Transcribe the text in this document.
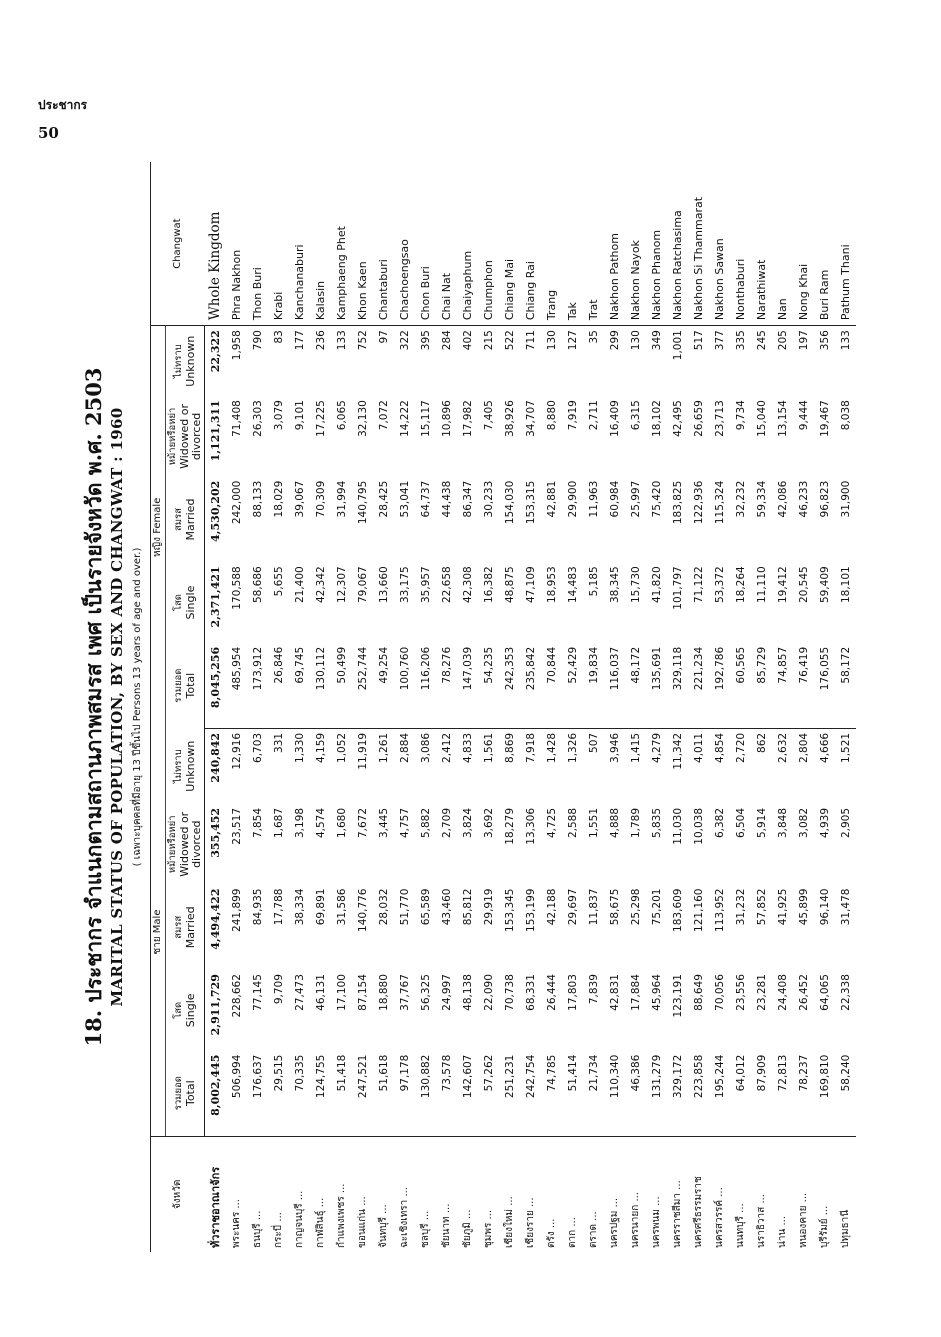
ประชากร
50
18. ประชากร จำแนกตามสถานภาพสมรส เพศ เป็นรายจังหวัด พ.ศ. 2503 MARITAL STATUS OF POPULATION, BY SEX AND CHANGWAT : 1960 ( เฉพาะบุคคลที่มีอายุ 13 ปีขึ้นไป Persons 13 years of age and over.)
จังหวัด	ชาย Male					หญิง Female					Changwat

	รวมยอด Total	โสด Single	สมรส Married	หม้ายหรือหย่า Widowed or divorced	ไม่ทราบ Unknown	รวมยอด Total	โสด Single	สมรส Married	หม้ายหรือหย่า Widowed or divorced	ไม่ทราบ Unknown	

ทั่วราชอาณาจักร	8,002,445	2,911,729	4,494,422	355,452	240,842	8,045,256	2,371,421	4,530,202	1,121,311	22,322	Whole Kingdom
พระนคร ...	506,994	228,662	241,899	23,517	12,916	485,954	170,588	242,000	71,408	1,958	Phra Nakhon
ธนบุรี ...	176,637	77,145	84,935	7,854	6,703	173,912	58,686	88,133	26,303	790	Thon Buri
กระบี่ ...	29,515	9,709	17,788	1,687	331	26,846	5,655	18,029	3,079	83	Krabi
กาญจนบุรี ...	70,335	27,473	38,334	3,198	1,330	69,745	21,400	39,067	9,101	177	Kanchanaburi
กาฬสินธุ์ ...	124,755	46,131	69,891	4,574	4,159	130,112	42,342	70,309	17,225	236	Kalasin
กำแพงเพชร ...	51,418	17,100	31,586	1,680	1,052	50,499	12,307	31,994	6,065	133	Kamphaeng Phet
ขอนแก่น ...	247,521	87,154	140,776	7,672	11,919	252,744	79,067	140,795	32,130	752	Khon Kaen
จันทบุรี ...	51,618	18,880	28,032	3,445	1,261	49,254	13,660	28,425	7,072	97	Chantaburi
ฉะเชิงเทรา ...	97,178	37,767	51,770	4,757	2,884	100,760	33,175	53,041	14,222	322	Chachoengsao
ชลบุรี ...	130,882	56,325	65,589	5,882	3,086	116,206	35,957	64,737	15,117	395	Chon Buri
ชัยนาท ...	73,578	24,997	43,460	2,709	2,412	78,276	22,658	44,438	10,896	284	Chai Nat
ชัยภูมิ ...	142,607	48,138	85,812	3,824	4,833	147,039	42,308	86,347	17,982	402	Chaiyaphum
ชุมพร ...	57,262	22,090	29,919	3,692	1,561	54,235	16,382	30,233	7,405	215	Chumphon
เชียงใหม่ ...	251,231	70,738	153,345	18,279	8,869	242,353	48,875	154,030	38,926	522	Chiang Mai
เชียงราย ...	242,754	68,331	153,199	13,306	7,918	235,842	47,109	153,315	34,707	711	Chiang Rai
ตรัง ...	74,785	26,444	42,188	4,725	1,428	70,844	18,953	42,881	8,880	130	Trang
ตาก ...	51,414	17,803	29,697	2,588	1,326	52,429	14,483	29,900	7,919	127	Tak
ตราด ...	21,734	7,839	11,837	1,551	507	19,834	5,185	11,963	2,711	35	Trat
นครปฐม ...	110,340	42,831	58,675	4,888	3,946	116,037	38,345	60,984	16,409	299	Nakhon Pathom
นครนายก ...	46,386	17,884	25,298	1,789	1,415	48,172	15,730	25,997	6,315	130	Nakhon Nayok
นครพนม ...	131,279	45,964	75,201	5,835	4,279	135,691	41,820	75,420	18,102	349	Nakhon Phanom
นครราชสีมา ...	329,172	123,191	183,609	11,030	11,342	329,118	101,797	183,825	42,495	1,001	Nakhon Ratchasima
นครศรีธรรมราช	223,858	88,649	121,160	10,038	4,011	221,234	71,122	122,936	26,659	517	Nakhon Si Thammarat
นครสวรรค์ ...	195,244	70,056	113,952	6,382	4,854	192,786	53,372	115,324	23,713	377	Nakhon Sawan
นนทบุรี ...	64,012	23,556	31,232	6,504	2,720	60,565	18,264	32,232	9,734	335	Nonthaburi
นราธิวาส ...	87,909	23,281	57,852	5,914	862	85,729	11,110	59,334	15,040	245	Narathiwat
น่าน ...	72,813	24,408	41,925	3,848	2,632	74,857	19,412	42,086	13,154	205	Nan
หนองคาย ...	78,237	26,452	45,899	3,082	2,804	76,419	20,545	46,233	9,444	197	Nong Khai
บุรีรัมย์ ...	169,810	64,065	96,140	4,939	4,666	176,055	59,409	96,823	19,467	356	Buri Ram
ปทุมธานี	58,240	22,338	31,478	2,905	1,521	58,172	18,101	31,900	8,038	133	Pathum Thani
